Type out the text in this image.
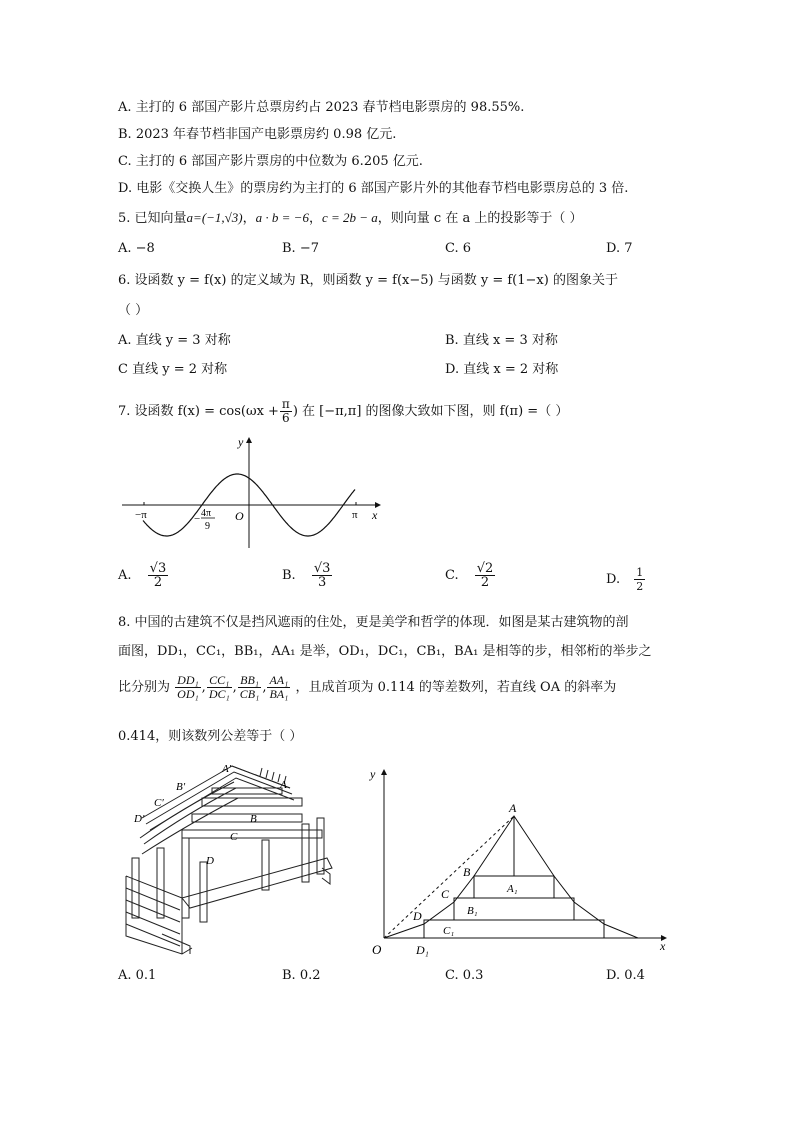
A. 主打的 6 部国产影片总票房约占 2023 春节档电影票房的 98.55%.
B. 2023 年春节档非国产电影票房约 0.98 亿元.
C. 主打的 6 部国产影片票房的中位数为 6.205 亿元.
D. 电影《交换人生》的票房约为主打的 6 部国产影片外的其他春节档电影票房总的 3 倍.
5. 已知向量a=(−1,√3)，a · b = −6，c = 2b − a，则向量 c 在 a 上的投影等于（ ）
A. −8	B. −7	C. 6	D. 7
6. 设函数 y = f(x) 的定义域为 R，则函数 y = f(x−5) 与函数 y = f(1−x) 的图象关于
（ ）
A. 直线 y = 3 对称	B. 直线 x = 3 对称
C 直线 y = 2 对称	D. 直线 x = 2 对称
7. 设函数 $f(x) = \cos(\omega x + \frac{\pi}{6}$ ) 在 [−π,π] 的图像大致如下图，则 f(π) =（ ）
y
x
O
−π	π
− 4π
9
A. $\frac{√3}{2}$	B. $\frac{√3}{3}$	C. $\frac{√2}{2}$	D. $\frac{1}{2}$
8. 中国的古建筑不仅是挡风遮雨的住处，更是美学和哲学的体现．如图是某古建筑物的剖
面图，DD₁，CC₁，BB₁，AA₁ 是举，OD₁，DC₁，CB₁，BA₁ 是相等的步，相邻桁的举步之
比分别为 $\frac{\text{DD₁}}{\text{OD₁}}$ , $\frac{\text{CC₁}}{\text{DC₁}}$ , $\frac{\text{BB₁}}{\text{CB₁}}$ , $\frac{\text{AA₁}}{\text{BA₁}}$ ，且成首项为 0.114 的等差数列，若直线 OA 的斜率为
0.414，则该数列公差等于（ ）
A′
B′
C′
D′
A
B
C
D
y
x
O
A
B
C
D
A₁
B₁
C₁
D₁
A. 0.1	B. 0.2	C. 0.3	D. 0.4
